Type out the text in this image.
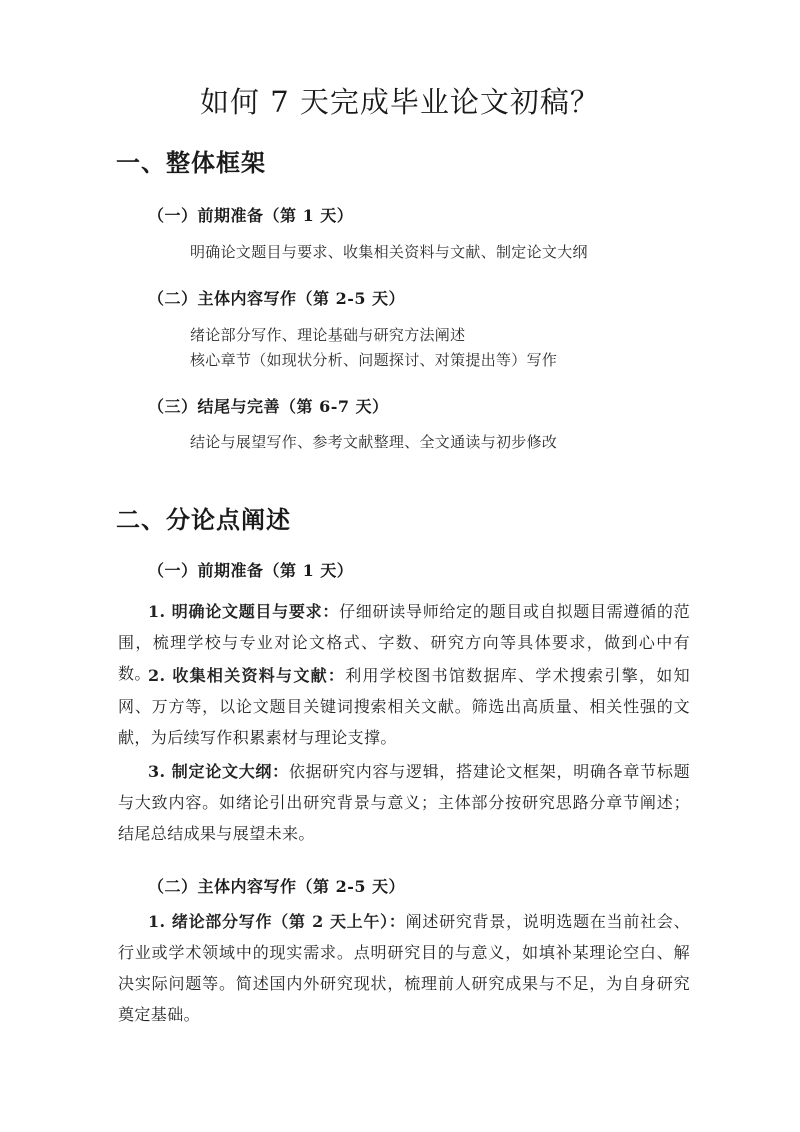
如何 7 天完成毕业论文初稿？
一、整体框架
（一）前期准备（第 1 天）
明确论文题目与要求、收集相关资料与文献、制定论文大纲
（二）主体内容写作（第 2-5 天）
绪论部分写作、理论基础与研究方法阐述
核心章节（如现状分析、问题探讨、对策提出等）写作
（三）结尾与完善（第 6-7 天）
结论与展望写作、参考文献整理、全文通读与初步修改
二、分论点阐述
（一）前期准备（第 1 天）
1. 明确论文题目与要求：仔细研读导师给定的题目或自拟题目需遵循的范围，梳理学校与专业对论文格式、字数、研究方向等具体要求，做到心中有数。
2. 收集相关资料与文献：利用学校图书馆数据库、学术搜索引擎，如知网、万方等，以论文题目关键词搜索相关文献。筛选出高质量、相关性强的文献，为后续写作积累素材与理论支撑。
3. 制定论文大纲：依据研究内容与逻辑，搭建论文框架，明确各章节标题与大致内容。如绪论引出研究背景与意义；主体部分按研究思路分章节阐述；结尾总结成果与展望未来。
（二）主体内容写作（第 2-5 天）
1. 绪论部分写作（第 2 天上午）：阐述研究背景，说明选题在当前社会、行业或学术领域中的现实需求。点明研究目的与意义，如填补某理论空白、解决实际问题等。简述国内外研究现状，梳理前人研究成果与不足，为自身研究奠定基础。
